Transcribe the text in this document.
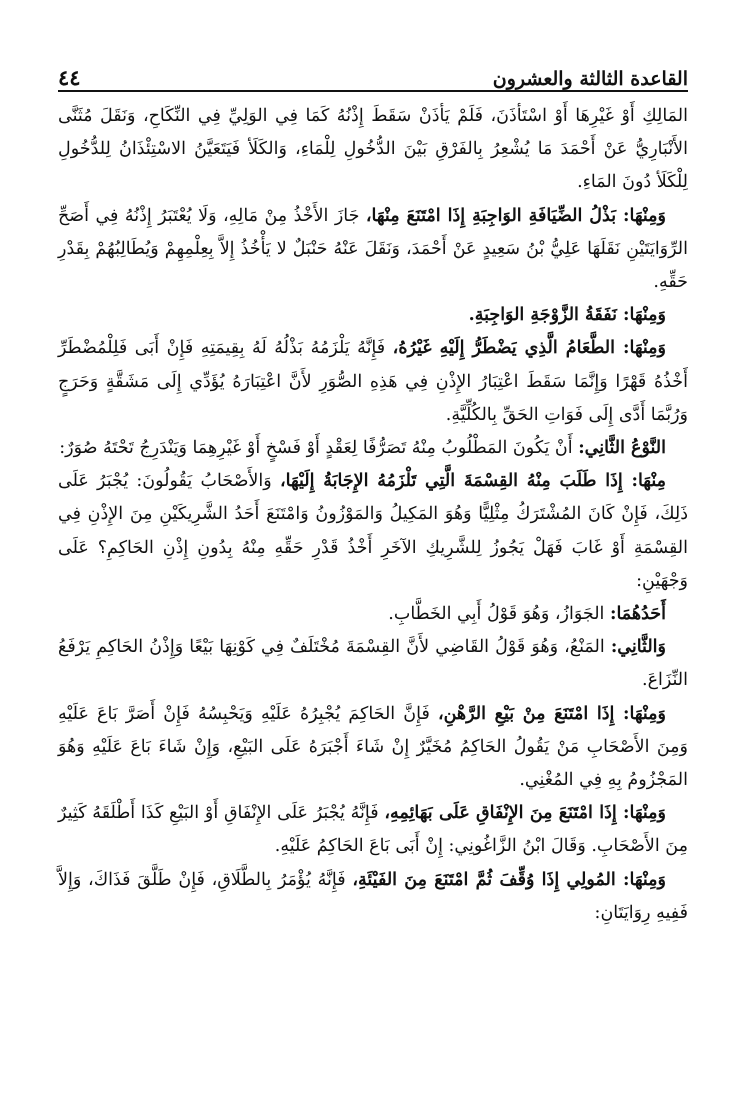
القاعدة الثالثة والعشرون
٤٤

المَالِكِ أَوْ غَيْرِهَا أَوْ اسْتَأذَنَ، فَلَمْ يَأذَنْ سَقَطَ إِذْنُهُ كَمَا فِي الوَلِيِّ فِي النِّكَاحِ، وَنَقَلَ مُثَنَّى الأَنْبَارِيُّ عَنْ أَحْمَدَ مَا يُشْعِرُ بِالفَرْقِ بَيْنَ الدُّخُولِ لِلْمَاءِ، وَالكَلَأ فَيَتَعَيَّنُ الاسْتِئْذَانُ لِلدُّخُولِ لِلْكَلَأ دُونَ المَاءِ.

وَمِنْهَا: بَذْلُ الضِّيَافَةِ الوَاجِبَةِ إِذَا امْتَنَعَ مِنْهَا، جَازَ الأَخْذُ مِنْ مَالِهِ، وَلَا يُعْتَبَرُ إِذْنُهُ فِي أَصَحِّ الرِّوَايَتَيْنِ نَقَلَهَا عَلِيُّ بْنُ سَعِيدٍ عَنْ أَحْمَدَ، وَنَقَلَ عَنْهُ حَنْبَلٌ لا يَأْخُذُ إِلاَّ بِعِلْمِهِمْ وَيُطَالِبُهُمْ بِقَدْرِ حَقِّهِ.

وَمِنْهَا: نَفَقَةُ الزَّوْجَةِ الوَاجِبَةِ.

وَمِنْهَا: الطَّعَامُ الَّذِي يَضْطَرُّ إِلَيْهِ غَيْرُهُ، فَإِنَّهُ يَلْزَمُهُ بَذْلُهُ لَهُ بِقِيمَتِهِ فَإِنْ أَبَى فَلِلْمُضْطَرِّ أَخْذُهُ قَهْرًا وَإِنَّمَا سَقَطَ اعْتِبَارُ الإِذْنِ فِي هَذِهِ الصُّوَرِ لأَنَّ اعْتِبَارَهُ يُؤَدِّي إِلَى مَشَقَّةٍ وَحَرَجٍ وَرُبَّمَا أَدَّى إِلَى فَوَاتِ الحَقِّ بِالكُلِّيَّةِ.

النَّوْعُ الثَّانِي: أَنْ يَكُونَ المَطْلُوبُ مِنْهُ تَصَرُّفًا لِعَقْدٍ أَوْ فَسْخٍ أَوْ غَيْرِهِمَا وَيَنْدَرِجُ تَحْتَهُ صُوَرٌ:

مِنْهَا: إِذَا طَلَبَ مِنْهُ القِسْمَةَ الَّتِي تَلْزَمُهُ الإِجَابَةُ إِلَيْهَا، وَالأَصْحَابُ يَقُولُونَ: يُجْبَرُ عَلَى ذَلِكَ، فَإِنْ كَانَ المُشْتَرَكُ مِثْلِيًّا وَهُوَ المَكِيلُ وَالمَوْزُونُ وَامْتَنَعَ أَحَدُ الشَّرِيكَيْنِ مِنَ الإِذْنِ فِي القِسْمَةِ أَوْ غَابَ فَهَلْ يَجُوزُ لِلشَّرِيكِ الآخَرِ أَخْذُ قَدْرِ حَقِّهِ مِنْهُ بِدُونِ إِذْنِ الحَاكِمِ؟ عَلَى وَجْهَيْنِ:

أَحَدُهُمَا: الجَوَازُ، وَهُوَ قَوْلُ أَبِي الخَطَّابِ.

وَالثَّانِي: المَنْعُ، وَهُوَ قَوْلُ القَاضِي لأَنَّ القِسْمَةَ مُخْتَلَفٌ فِي كَوْنِهَا بَيْعًا وَإِذْنُ الحَاكِمِ يَرْفَعُ النِّزَاعَ.

وَمِنْهَا: إِذَا امْتَنَعَ مِنْ بَيْعِ الرَّهْنِ، فَإِنَّ الحَاكِمَ يُجْبِرُهُ عَلَيْهِ وَيَحْبِسُهُ فَإِنْ أَصَرَّ بَاعَ عَلَيْهِ وَمِنَ الأَصْحَابِ مَنْ يَقُولُ الحَاكِمُ مُخَيَّرٌ إِنْ شَاءَ أَجْبَرَهُ عَلَى البَيْعِ، وَإِنْ شَاءَ بَاعَ عَلَيْهِ وَهُوَ المَجْزُومُ بِهِ فِي المُغْنِي.

وَمِنْهَا: إِذَا امْتَنَعَ مِنَ الإِنْفَاقِ عَلَى بَهَائِمِهِ، فَإِنَّهُ يُجْبَرُ عَلَى الإِنْفَاقِ أَوْ البَيْعِ كَذَا أَطْلَقَهُ كَثِيرٌ مِنَ الأَصْحَابِ. وَقَالَ ابْنُ الزَّاغُونِي: إِنْ أَبَى بَاعَ الحَاكِمُ عَلَيْهِ.

وَمِنْهَا: المُولِي إِذَا وُقِّفَ ثُمَّ امْتَنَعَ مِنَ الفَيْئَةِ، فَإِنَّهُ يُؤْمَرُ بِالطَّلَاقِ، فَإِنْ طَلَّقَ فَذَاكَ، وَإِلاَّ فَفِيهِ رِوَايَتَانِ:
